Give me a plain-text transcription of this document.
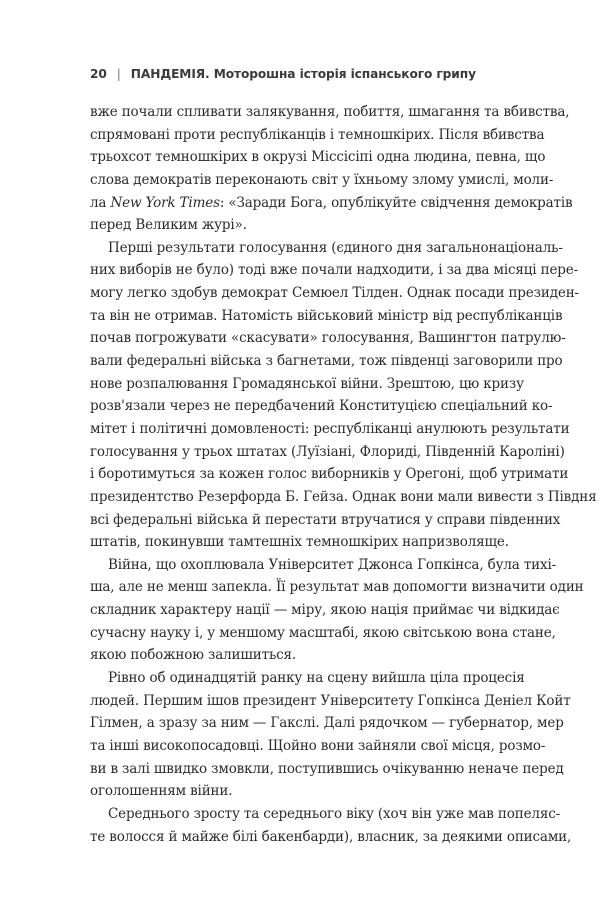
20 | ПАНДЕМІЯ. Моторошна історія іспанського грипу
вже почали спливати залякування, побиття, шмагання та вбивства,
спрямовані проти республіканців і темношкірих. Після вбивства
трьохсот темношкірих в окрузі Міссісіпі одна людина, певна, що
слова демократів переконають світ у їхньому злому умислі, моли-
ла New York Times: «Заради Бога, опублікуйте свідчення демократів
перед Великим журі».
Перші результати голосування (єдиного дня загальнонаціональ-
них виборів не було) тоді вже почали надходити, і за два місяці пере-
могу легко здобув демократ Семюел Тілден. Однак посади президен-
та він не отримав. Натомість військовий міністр від республіканців
почав погрожувати «скасувати» голосування, Вашингтон патрулю-
вали федеральні війська з багнетами, тож південці заговорили про
нове розпалювання Громадянської війни. Зрештою, цю кризу
розв'язали через не передбачений Конституцією спеціальний ко-
мітет і політичні домовленості: республіканці анулюють результати
голосування у трьох штатах (Луїзіані, Флориді, Південній Кароліні)
і боротимуться за кожен голос виборників у Орегоні, щоб утримати
президентство Резерфорда Б. Гейза. Однак вони мали вивести з Півдня
всі федеральні війська й перестати втручатися у справи південних
штатів, покинувши тамтешніх темношкірих напризволяще.
Війна, що охоплювала Університет Джонса Гопкінса, була тихі-
ша, але не менш запекла. Її результат мав допомогти визначити один
складник характеру нації — міру, якою нація приймає чи відкидає
сучасну науку і, у меншому масштабі, якою світською вона стане,
якою побожною залишиться.
Рівно об одинадцятій ранку на сцену вийшла ціла процесія
людей. Першим ішов президент Університету Гопкінса Деніел Койт
Гілмен, а зразу за ним — Гакслі. Далі рядочком — губернатор, мер
та інші високопосадовці. Щойно вони зайняли свої місця, розмо-
ви в залі швидко змовкли, поступившись очікуванню неначе перед
оголошенням війни.
Середнього зросту та середнього віку (хоч він уже мав попеляс-
те волосся й майже білі бакенбарди), власник, за деякими описами,
